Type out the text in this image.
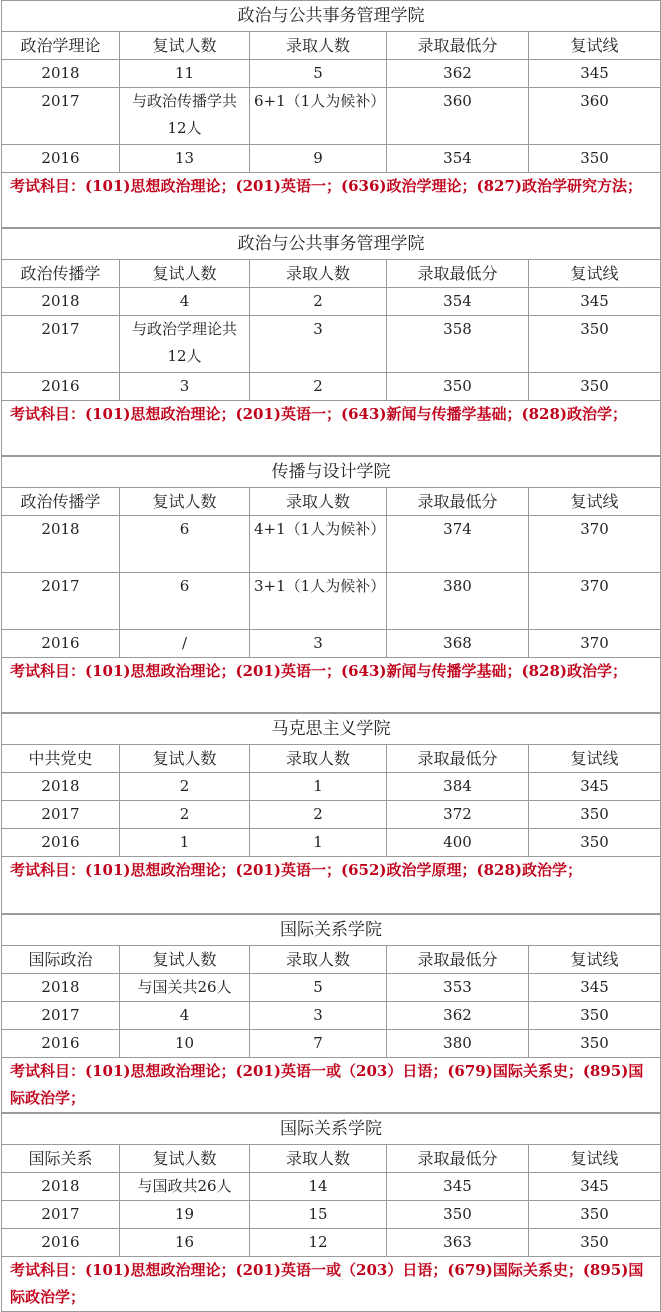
政治与公共事务管理学院				
政治学理论	复试人数	录取人数	录取最低分	复试线
2018	11	5	362	345
2017	与政治传播学共12人	6+1（1人为候补）	360	360
2016	13	9	354	350
考试科目：(101)思想政治理论；(201)英语一；(636)政治学理论；(827)政治学研究方法；				
政治与公共事务管理学院				
政治传播学	复试人数	录取人数	录取最低分	复试线
2018	4	2	354	345
2017	与政治学理论共12人	3	358	350
2016	3	2	350	350
考试科目：(101)思想政治理论；(201)英语一；(643)新闻与传播学基础；(828)政治学；				
传播与设计学院				
政治传播学	复试人数	录取人数	录取最低分	复试线
2018	6	4+1（1人为候补）	374	370
2017	6	3+1（1人为候补）	380	370
2016	/	3	368	370
考试科目：(101)思想政治理论；(201)英语一；(643)新闻与传播学基础；(828)政治学；				
马克思主义学院				
中共党史	复试人数	录取人数	录取最低分	复试线
2018	2	1	384	345
2017	2	2	372	350
2016	1	1	400	350
考试科目：(101)思想政治理论；(201)英语一；(652)政治学原理；(828)政治学；				
国际关系学院				
国际政治	复试人数	录取人数	录取最低分	复试线
2018	与国关共26人	5	353	345
2017	4	3	362	350
2016	10	7	380	350
考试科目：(101)思想政治理论；(201)英语一或（203）日语；(679)国际关系史；(895)国际政治学；				
国际关系学院				
国际关系	复试人数	录取人数	录取最低分	复试线
2018	与国政共26人	14	345	345
2017	19	15	350	350
2016	16	12	363	350
考试科目：(101)思想政治理论；(201)英语一或（203）日语；(679)国际关系史；(895)国际政治学；				
